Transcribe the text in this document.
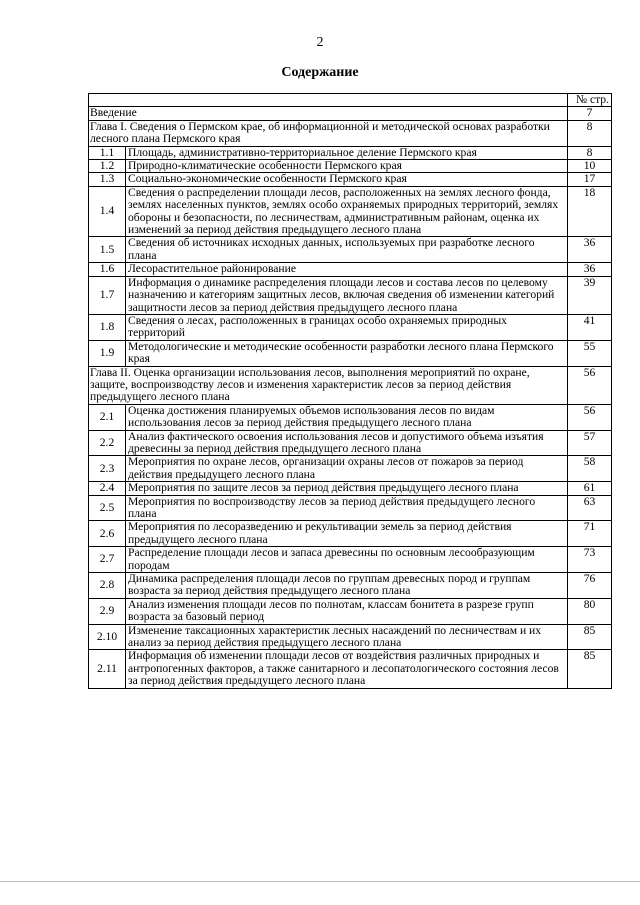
2
Содержание
		№ стр.
Введение		7
Глава I. Сведения о Пермском крае, об информационной и методической основах разработки лесного плана Пермского края		8
1.1	Площадь, административно-территориальное деление Пермского края	8
1.2	Природно-климатические особенности Пермского края	10
1.3	Социально-экономические особенности Пермского края	17
1.4	Сведения о распределении площади лесов, расположенных на землях лесного фонда, землях населенных пунктов, землях особо охраняемых природных территорий, землях обороны и безопасности, по лесничествам, административным районам, оценка их изменений за период действия предыдущего лесного плана	18
1.5	Сведения об источниках исходных данных, используемых при разработке лесного плана	36
1.6	Лесорастительное районирование	36
1.7	Информация о динамике распределения площади лесов и состава лесов по целевому назначению и категориям защитных лесов, включая сведения об изменении категорий защитности лесов за период действия предыдущего лесного плана	39
1.8	Сведения о лесах, расположенных в границах особо охраняемых природных территорий	41
1.9	Методологические и методические особенности разработки лесного плана Пермского края	55
Глава II. Оценка организации использования лесов, выполнения мероприятий по охране, защите, воспроизводству лесов и изменения характеристик лесов за период действия предыдущего лесного плана		56
2.1	Оценка достижения планируемых объемов использования лесов по видам использования лесов за период действия предыдущего лесного плана	56
2.2	Анализ фактического освоения использования лесов и допустимого объема изъятия древесины за период действия предыдущего лесного плана	57
2.3	Мероприятия по охране лесов, организации охраны лесов от пожаров за период действия предыдущего лесного плана	58
2.4	Мероприятия по защите лесов за период действия предыдущего лесного плана	61
2.5	Мероприятия по воспроизводству лесов за период действия предыдущего лесного плана	63
2.6	Мероприятия по лесоразведению и рекультивации земель за период действия предыдущего лесного плана	71
2.7	Распределение площади лесов и запаса древесины по основным лесообразующим породам	73
2.8	Динамика распределения площади лесов по группам древесных пород и группам возраста за период действия предыдущего лесного плана	76
2.9	Анализ изменения площади лесов по полнотам, классам бонитета в разрезе групп возраста за базовый период	80
2.10	Изменение таксационных характеристик лесных насаждений по лесничествам и их анализ за период действия предыдущего лесного плана	85
2.11	Информация об изменении площади лесов от воздействия различных природных и антропогенных факторов, а также санитарного и лесопатологического состояния лесов за период действия предыдущего лесного плана	85
